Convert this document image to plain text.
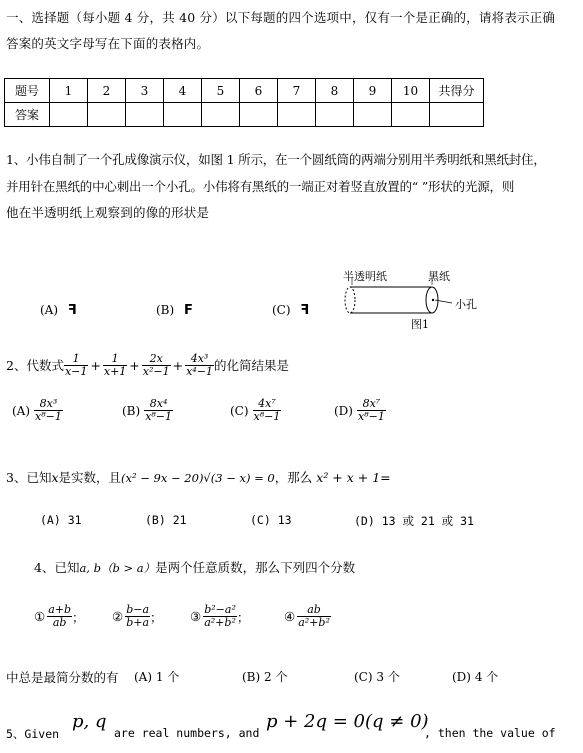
一、选择题（每小题 4 分，共 40 分）以下每题的四个选项中，仅有一个是正确的，请将表示正确
答案的英文字母写在下面的表格内。
题号	1	2	3	4	5	6	7	8	9	10	共得分
答案											
1、小伟自制了一个孔成像演示仪，如图 1 所示，在一个圆纸筒的两端分别用半秀明纸和黑纸封住，
并用针在黑纸的中心刺出一个小孔。小伟将有黑纸的一端正对着竖直放置的“ ”形状的光源，则
他在半透明纸上观察到的像的形状是
(A) ꟻ	(B) F	(C) ꟻ
半透明纸	黑纸
小孔
图1
2、代数式 $\frac{1}{x-1} + \frac{1}{x+1} + \frac{2x}{\text{x²−1}} + \frac{\text{4x³}}{\text{x⁴−1}}$ 的化简结果是
$(A) \frac{\text{8x³}}{\text{x⁸−1}}$	$(B) \frac{\text{8x⁴}}{\text{x⁸−1}}$	$(C) \frac{\text{4x⁷}}{\text{x⁸−1}}$	$(D) \frac{\text{8x⁷}}{\text{x⁸−1}}$
3、已知x是实数，且(x² − 9x − 20)√(3 − x) = 0，那么 x² + x + 1=
(A) 31	(B) 21	(C) 13	(D) 13 或 21 或 31
4、已知a, b（b > a）是两个任意质数，那么下列四个分数
① $\frac{a+b}{ab}$ ； ② $\frac{b-a}{b+a}$ ； ③ $\frac{\text{b²−a²}}{\text{a²+b²}}$ ；	④ $\frac{ab}{\text{a²+b²}}$
中总是最简分数的有 (A) 1 个	(B) 2 个	(C) 3 个	(D) 4 个
5、Given
p, q
are real numbers, and
p + 2q = 0(q ≠ 0)
, then the value of
